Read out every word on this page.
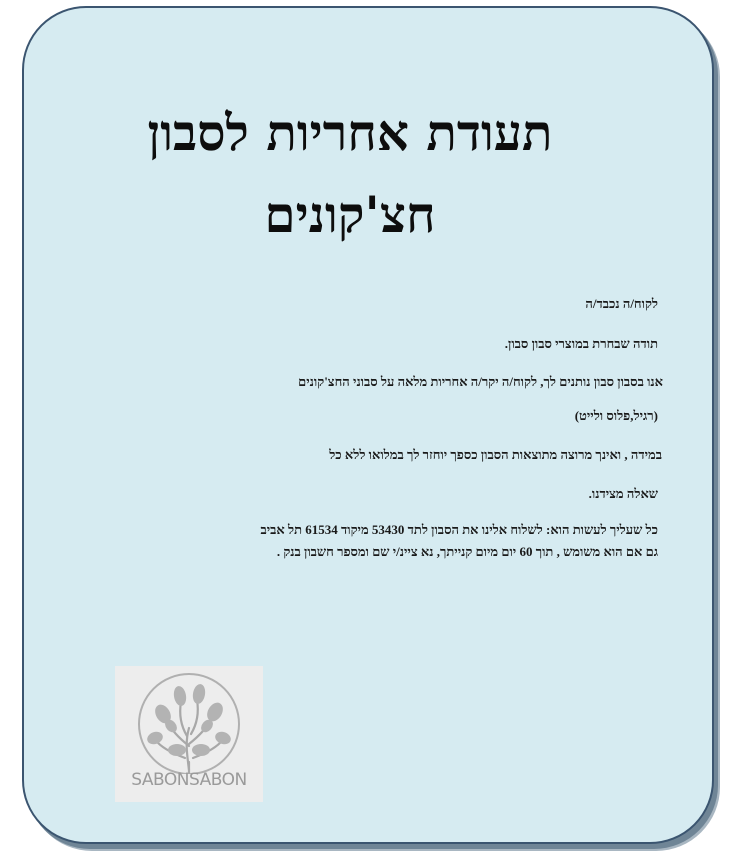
תעודת אחריות לסבון
חצ'קונים

לקוח/ה נכבד/ה

תודה שבחרת במוצרי סבון סבון.

אנו בסבון סבון נותנים לך, לקוח/ה יקר/ה אחריות מלאה על סבוני החצ'קונים

(רגיל,פלוס ולייט)

במידה , ואינך מרוצה מתוצאות הסבון כספך יוחזר לך במלואו ללא כל

שאלה מצידנו.

כל שעליך לעשות הוא: לשלוח אלינו את הסבון לתד 53430 מיקוד 61534 תל אביב

גם אם הוא משומש , תוך 60 יום מיום קנייתך, נא ציינ/י שם ומספר חשבון בנק .

SABONSABON
